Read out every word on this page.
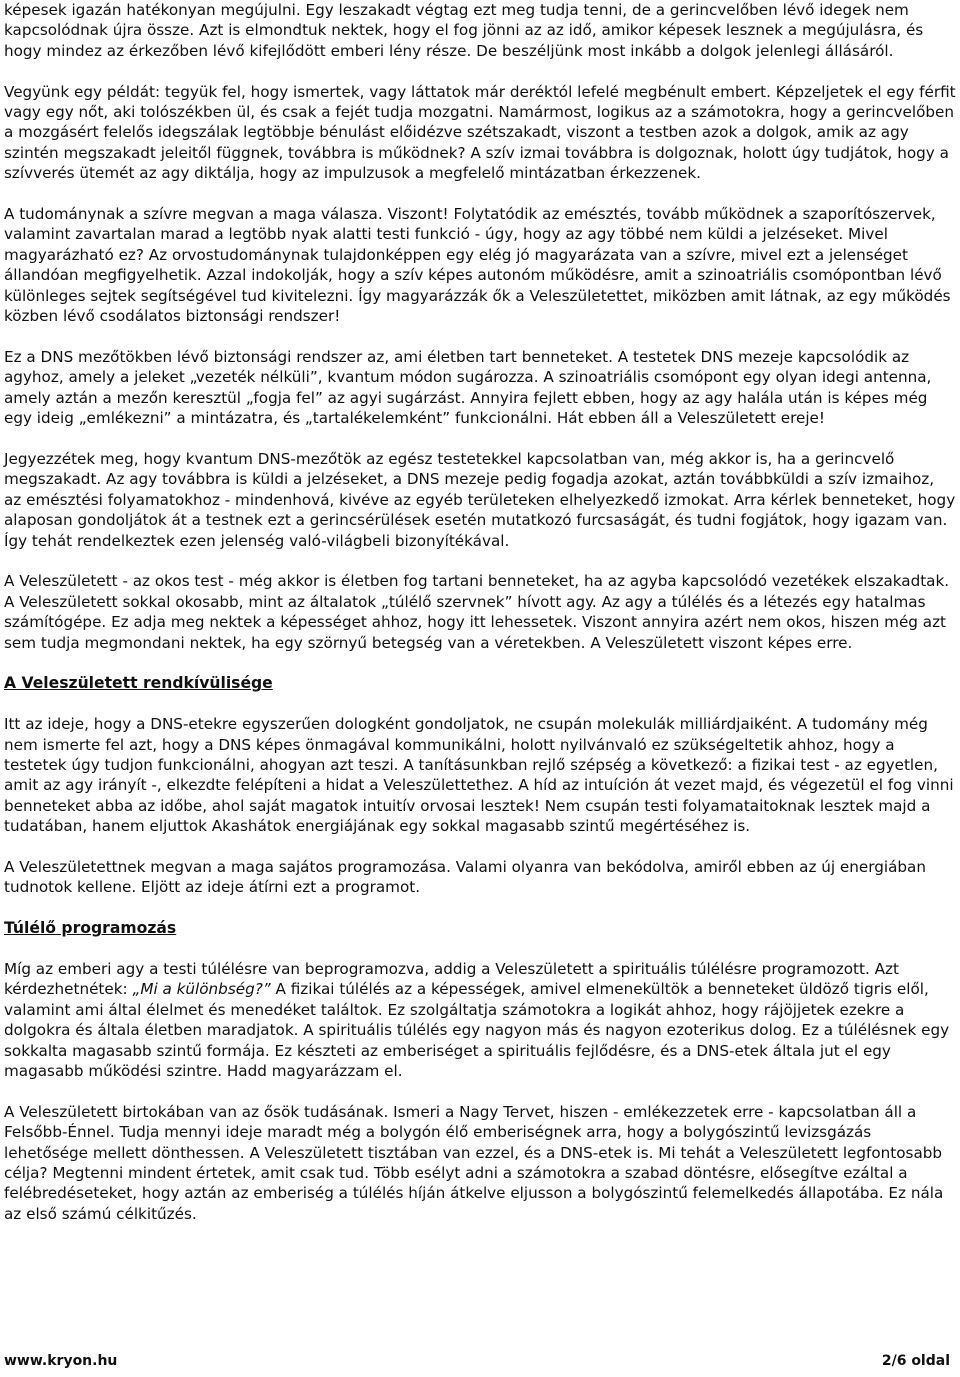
képesek igazán hatékonyan megújulni. Egy leszakadt végtag ezt meg tudja tenni, de a gerincvelőben lévő idegek nem kapcsolódnak újra össze. Azt is elmondtuk nektek, hogy el fog jönni az az idő, amikor képesek lesznek a megújulásra, és hogy mindez az érkezőben lévő kifejlődött emberi lény része. De beszéljünk most inkább a dolgok jelenlegi állásáról.

Vegyünk egy példát: tegyük fel, hogy ismertek, vagy láttatok már deréktól lefelé megbénult embert. Képzeljetek el egy férfit vagy egy nőt, aki tolószékben ül, és csak a fejét tudja mozgatni. Namármost, logikus az a számotokra, hogy a gerincvelőben a mozgásért felelős idegszálak legtöbbje bénulást előidézve szétszakadt, viszont a testben azok a dolgok, amik az agy szintén megszakadt jeleitől függnek, továbbra is működnek? A szív izmai továbbra is dolgoznak, holott úgy tudjátok, hogy a szívverés ütemét az agy diktálja, hogy az impulzusok a megfelelő mintázatban érkezzenek.

A tudománynak a szívre megvan a maga válasza. Viszont! Folytatódik az emésztés, tovább működnek a szaporítószervek, valamint zavartalan marad a legtöbb nyak alatti testi funkció - úgy, hogy az agy többé nem küldi a jelzéseket. Mivel magyarázható ez? Az orvostudománynak tulajdonképpen egy elég jó magyarázata van a szívre, mivel ezt a jelenséget állandóan megfigyelhetik. Azzal indokolják, hogy a szív képes autonóm működésre, amit a szinoatriális csomópontban lévő különleges sejtek segítségével tud kivitelezni. Így magyarázzák ők a Veleszületettet, miközben amit látnak, az egy működés közben lévő csodálatos biztonsági rendszer!

Ez a DNS mezőtökben lévő biztonsági rendszer az, ami életben tart benneteket. A testetek DNS mezeje kapcsolódik az agyhoz, amely a jeleket „vezeték nélküli”, kvantum módon sugározza. A szinoatriális csomópont egy olyan idegi antenna, amely aztán a mezőn keresztül „fogja fel” az agyi sugárzást. Annyira fejlett ebben, hogy az agy halála után is képes még egy ideig „emlékezni” a mintázatra, és „tartalékelemként” funkcionálni. Hát ebben áll a Veleszületett ereje!

Jegyezzétek meg, hogy kvantum DNS-mezőtök az egész testetekkel kapcsolatban van, még akkor is, ha a gerincvelő megszakadt. Az agy továbbra is küldi a jelzéseket, a DNS mezeje pedig fogadja azokat, aztán továbbküldi a szív izmaihoz, az emésztési folyamatokhoz - mindenhová, kivéve az egyéb területeken elhelyezkedő izmokat. Arra kérlek benneteket, hogy alaposan gondoljátok át a testnek ezt a gerincsérülések esetén mutatkozó furcsaságát, és tudni fogjátok, hogy igazam van. Így tehát rendelkeztek ezen jelenség való-világbeli bizonyítékával.

A Veleszületett - az okos test - még akkor is életben fog tartani benneteket, ha az agyba kapcsolódó vezetékek elszakadtak. A Veleszületett sokkal okosabb, mint az általatok „túlélő szervnek” hívott agy. Az agy a túlélés és a létezés egy hatalmas számítógépe. Ez adja meg nektek a képességet ahhoz, hogy itt lehessetek. Viszont annyira azért nem okos, hiszen még azt sem tudja megmondani nektek, ha egy szörnyű betegség van a véretekben. A Veleszületett viszont képes erre.

A Veleszületett rendkívülisége

Itt az ideje, hogy a DNS-etekre egyszerűen dologként gondoljatok, ne csupán molekulák milliárdjaiként. A tudomány még nem ismerte fel azt, hogy a DNS képes önmagával kommunikálni, holott nyilvánvaló ez szükségeltetik ahhoz, hogy a testetek úgy tudjon funkcionálni, ahogyan azt teszi. A tanításunkban rejlő szépség a következő: a fizikai test - az egyetlen, amit az agy irányít -, elkezdte felépíteni a hidat a Veleszülettethez. A híd az intuíción át vezet majd, és végezetül el fog vinni benneteket abba az időbe, ahol saját magatok intuitív orvosai lesztek! Nem csupán testi folyamataitoknak lesztek majd a tudatában, hanem eljuttok Akashátok energiájának egy sokkal magasabb szintű megértéséhez is.

A Veleszületettnek megvan a maga sajátos programozása. Valami olyanra van bekódolva, amiről ebben az új energiában tudnotok kellene. Eljött az ideje átírni ezt a programot.

Túlélő programozás

Míg az emberi agy a testi túlélésre van beprogramozva, addig a Veleszületett a spirituális túlélésre programozott. Azt kérdezhetnétek: „Mi a különbség?” A fizikai túlélés az a képességek, amivel elmenekültök a benneteket üldöző tigris elől, valamint ami által élelmet és menedéket találtok. Ez szolgáltatja számotokra a logikát ahhoz, hogy rájöjjetek ezekre a dolgokra és általa életben maradjatok. A spirituális túlélés egy nagyon más és nagyon ezoterikus dolog. Ez a túlélésnek egy sokkalta magasabb szintű formája. Ez készteti az emberiséget a spirituális fejlődésre, és a DNS-etek általa jut el egy magasabb működési szintre. Hadd magyarázzam el.

A Veleszületett birtokában van az ősök tudásának. Ismeri a Nagy Tervet, hiszen - emlékezzetek erre - kapcsolatban áll a Felsőbb-Énnel. Tudja mennyi ideje maradt még a bolygón élő emberiségnek arra, hogy a bolygószintű levizsgázás lehetősége mellett dönthessen. A Veleszületett tisztában van ezzel, és a DNS-etek is. Mi tehát a Veleszületett legfontosabb célja? Megtenni mindent értetek, amit csak tud. Több esélyt adni a számotokra a szabad döntésre, elősegítve ezáltal a felébredéseteket, hogy aztán az emberiség a túlélés híján átkelve eljusson a bolygószintű felemelkedés állapotába. Ez nála az első számú célkitűzés.

www.kryon.hu	2/6 oldal
